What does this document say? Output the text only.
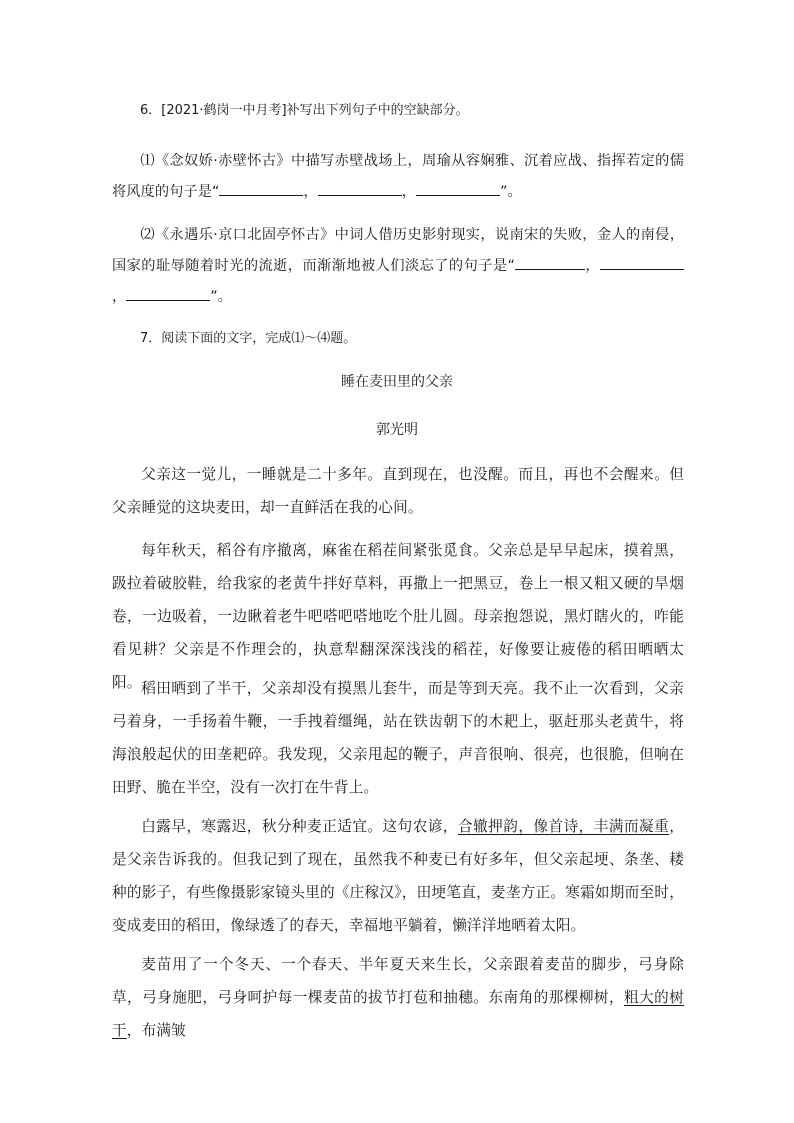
6．[2021·鹤岗一中月考]补写出下列句子中的空缺部分。

⑴《念奴娇·赤壁怀古》中描写赤壁战场上，周瑜从容娴雅、沉着应战、指挥若定的儒将风度的句子是“	，	，	”。

⑵《永遇乐·京口北固亭怀古》中词人借历史影射现实，说南宋的失败，金人的南侵，国家的耻辱随着时光的流逝，而渐渐地被人们淡忘了的句子是“	，，	”。

7．阅读下面的文字，完成⑴～⑷题。
睡在麦田里的父亲
郭光明

父亲这一觉儿，一睡就是二十多年。直到现在，也没醒。而且，再也不会醒来。但父亲睡觉的这块麦田，却一直鲜活在我的心间。

每年秋天，稻谷有序撤离，麻雀在稻茬间紧张觅食。父亲总是早早起床，摸着黑，趿拉着破胶鞋，给我家的老黄牛拌好草料，再撒上一把黑豆，卷上一根又粗又硬的旱烟卷，一边吸着，一边瞅着老牛吧嗒吧嗒地吃个肚儿圆。母亲抱怨说，黑灯瞎火的，咋能看见耕？父亲是不作理会的，执意犁翻深深浅浅的稻茬，好像要让疲倦的稻田晒晒太阳。 稻田晒到了半干，父亲却没有摸黑儿套牛，而是等到天亮。我不止一次看到，父亲弓着身，一手扬着牛鞭，一手拽着缰绳，站在铁齿朝下的木耙上，驱赶那头老黄牛，将海浪般起伏的田垄耙碎。我发现，父亲甩起的鞭子，声音很响、很亮，也很脆，但响在田野、脆在半空，没有一次打在牛背上。

白露早，寒露迟，秋分种麦正适宜。这句农谚，合辙押韵，像首诗，丰满而凝重，是父亲告诉我的。但我记到了现在，虽然我不种麦已有好多年，但父亲起埂、条垄、耧种的影子，有些像摄影家镜头里的《庄稼汉》，田埂笔直，麦垄方正。寒霜如期而至时，变成麦田的稻田，像绿透了的春天，幸福地平躺着，懒洋洋地晒着太阳。

麦苗用了一个冬天、一个春天、半年夏天来生长，父亲跟着麦苗的脚步，弓身除草，弓身施肥，弓身呵护每一棵麦苗的拔节打苞和抽穗。东南角的那棵柳树，粗大的树干，布满皱
